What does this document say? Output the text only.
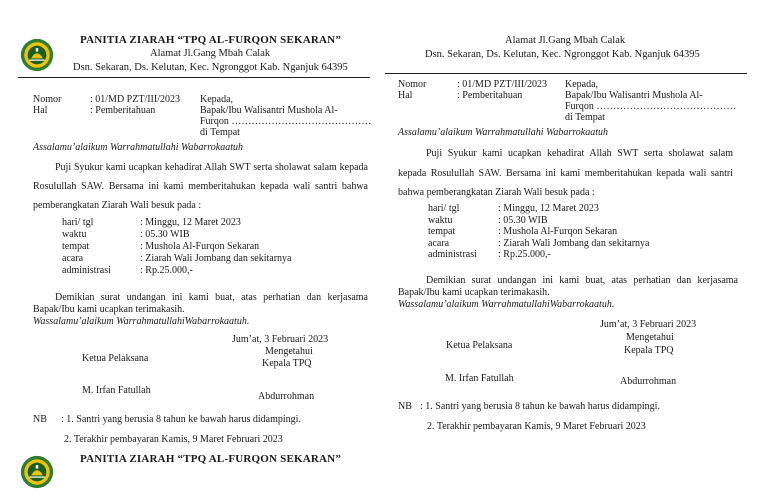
PANITIA ZIARAH “TPQ AL-FURQON SEKARAN”
Alamat Jl.Gang Mbah Calak
Dsn. Sekaran, Ds. Kelutan, Kec. Ngronggot Kab. Nganjuk 64395
Nomor	: 01/MD PZT/III/2023
Hal	: Pemberitahuan
Kepada,
Bapak/Ibu Walisantri Mushola Al-
Furqon ……………………………………
di Tempat
Assalamu’alaikum Warrahmatullahi Wabarrokaatuh
Puji Syukur kami ucapkan kehadirat Allah SWT serta sholawat salam kepada Rosulullah SAW. Bersama ini kami memberitahukan kepada wali santri bahwa pemberangkatan Ziarah Wali besuk pada :
hari/ tgl	: Minggu, 12 Maret 2023
waktu	: 05.30 WIB
tempat	: Mushola Al-Furqon Sekaran
acara	: Ziarah Wali Jombang dan sekitarnya
administrasi	: Rp.25.000,-
Demikian surat undangan ini kami buat, atas perhatian dan kerjasama Bapak/Ibu kami ucapkan terimakasih.
Wassalamu’alaikum WarrahmatullahiWabarrokaatuh.
Jum’at, 3 Februari 2023
Ketua Pelaksana
Mengetahui
Kepala TPQ
M. Irfan Fatullah
Abdurrohman
NB : 1. Santri yang berusia 8 tahun ke bawah harus didampingi.
2. Terakhir pembayaran Kamis, 9 Maret Februari 2023
PANITIA ZIARAH “TPQ AL-FURQON SEKARAN”
Alamat Jl.Gang Mbah Calak
Dsn. Sekaran, Ds. Kelutan, Kec. Ngronggot Kab. Nganjuk 64395
Nomor	: 01/MD PZT/III/2023
Hal	: Pemberitahuan
Kepada,
Bapak/Ibu Walisantri Mushola Al-
Furqon ……………………………………
di Tempat
Assalamu’alaikum Warrahmatullahi Wabarrokaatuh
Puji Syukur kami ucapkan kehadirat Allah SWT serta sholawat salam kepada Rosulullah SAW. Bersama ini kami memberitahukan kepada wali santri bahwa pemberangkatan Ziarah Wali besuk pada :
hari/ tgl	: Minggu, 12 Maret 2023
waktu	: 05.30 WIB
tempat	: Mushola Al-Furqon Sekaran
acara	: Ziarah Wali Jombang dan sekitarnya
administrasi	: Rp.25.000,-
Demikian surat undangan ini kami buat, atas perhatian dan kerjasama Bapak/Ibu kami ucapkan terimakasih.
Wassalamu’alaikum WarrahmatullahiWabarrokaatuh.
Jum’at, 3 Februari 2023
Ketua Pelaksana
Mengetahui
Kepala TPQ
M. Irfan Fatullah	Abdurrohman
NB : 1. Santri yang berusia 8 tahun ke bawah harus didampingi.
2. Terakhir pembayaran Kamis, 9 Maret Februari 2023
